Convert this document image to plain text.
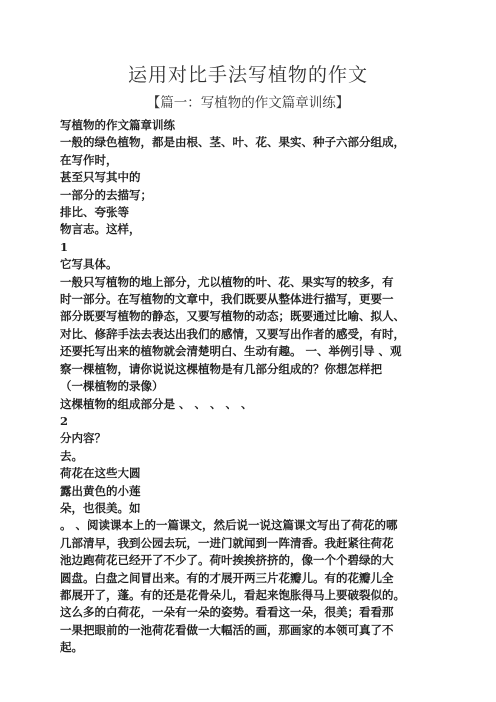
运用对比手法写植物的作文
【篇一：写植物的作文篇章训练】
写植物的作文篇章训练
一般的绿色植物，都是由根、茎、叶、花、果实、种子六部分组成，
在写作时，
甚至只写其中的
一部分的去描写；
排比、夸张等
物言志。这样，
1
它写具体。
一般只写植物的地上部分，尤以植物的叶、花、果实写的较多，有
时一部分。在写植物的文章中，我们既要从整体进行描写，更要一
部分既要写植物的静态，又要写植物的动态；既要通过比喻、拟人、
对比、修辞手法去表达出我们的感情，又要写出作者的感受，有时，
还要托写出来的植物就会清楚明白、生动有趣。 一、举例引导 、观
察一棵植物，请你说说这棵植物是有几部分组成的？你想怎样把
（一棵植物的录像）
这棵植物的组成部分是 、 、 、 、 、
2
分内容？
去。
荷花在这些大圆
露出黄色的小莲
朵，也很美。如
。 、阅读课本上的一篇课文，然后说一说这篇课文写出了荷花的哪
几部清早，我到公园去玩，一进门就闻到一阵清香。我赶紧往荷花
池边跑荷花已经开了不少了。荷叶挨挨挤挤的，像一个个碧绿的大
圆盘。白盘之间冒出来。有的才展开两三片花瓣儿。有的花瓣儿全
都展开了，蓬。有的还是花骨朵儿，看起来饱胀得马上要破裂似的。
这么多的白荷花，一朵有一朵的姿势。看看这一朵，很美；看看那
一果把眼前的一池荷花看做一大幅活的画，那画家的本领可真了不
起。
